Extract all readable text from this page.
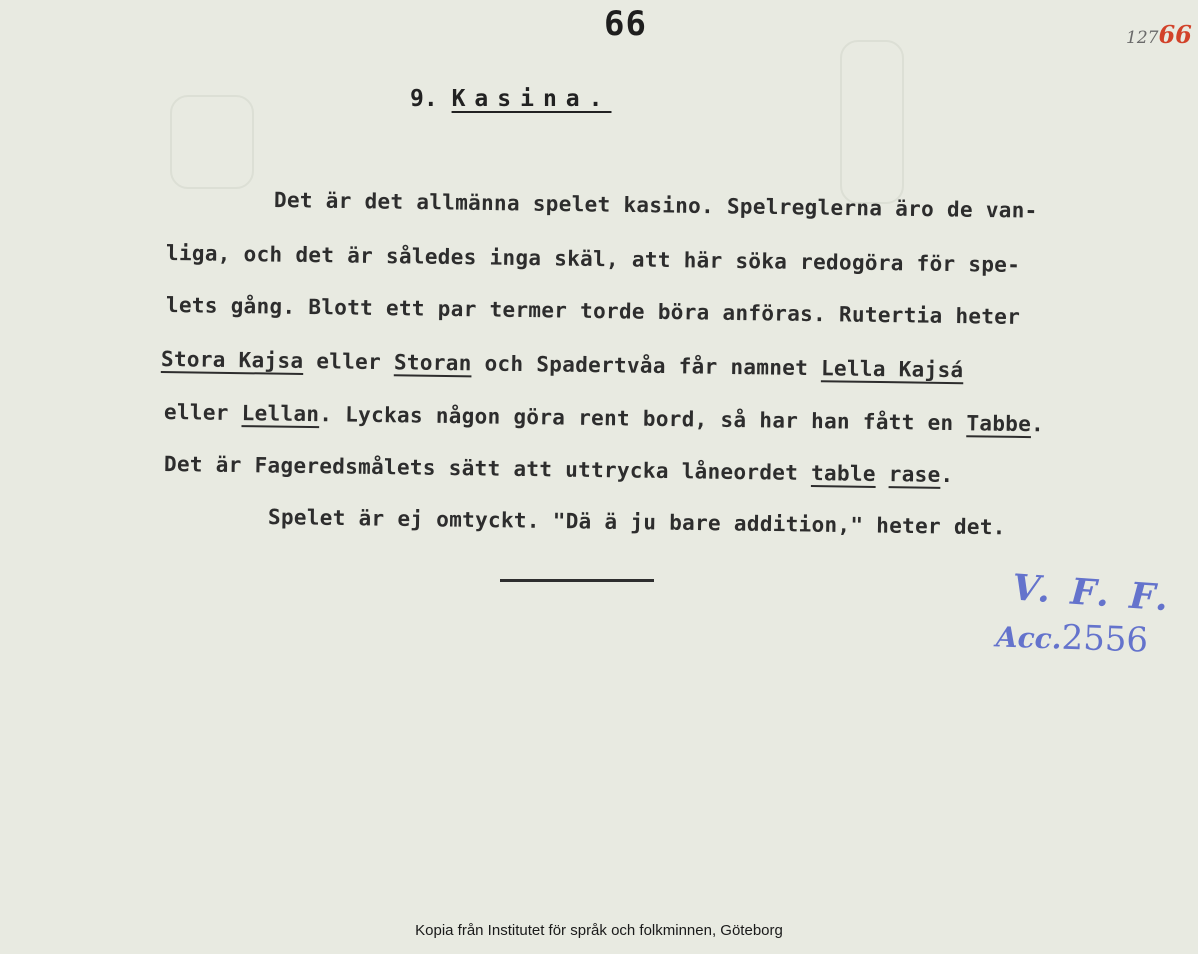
66	12766
9. Kasina.
Det är det allmänna spelet kasino. Spelreglerna äro de van-
liga, och det är således inga skäl, att här söka redogöra för spe-
lets gång. Blott ett par termer torde böra anföras. Rutertia heter
Stora Kajsa eller Storan och Spadertvåa får namnet Lella Kajsá
eller Lellan. Lyckas någon göra rent bord, så har han fått en Tabbe.
Det är Fageredsmålets sätt att uttrycka låneordet table rase.
Spelet är ej omtyckt. "Dä ä ju bare addition," heter det.
V. F. F.
Acc.2556
Kopia från Institutet för språk och folkminnen, Göteborg
